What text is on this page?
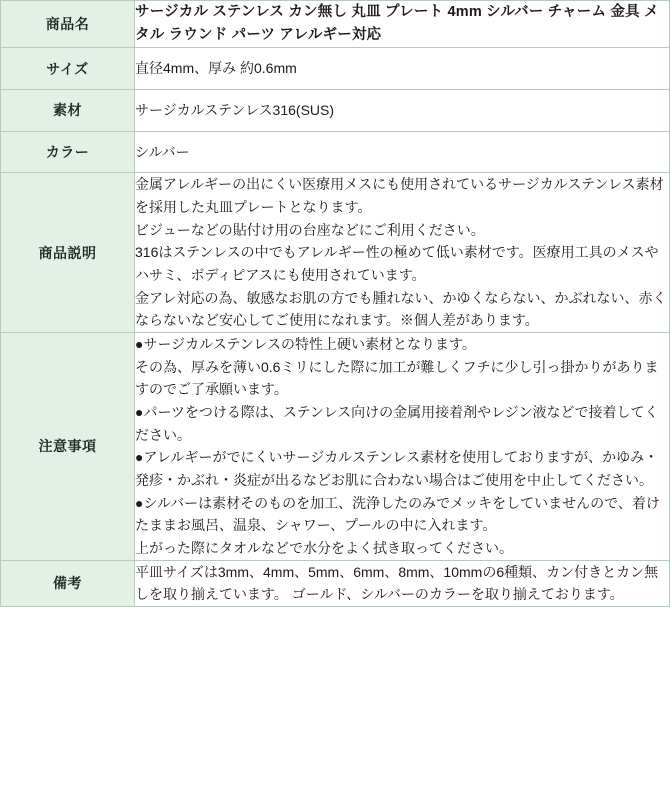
商品名	サージカル ステンレス カン無し 丸皿 プレート 4mm シルバー チャーム 金具 メタル ラウンド パーツ アレルギー対応

サイズ	直径4mm、厚み 約0.6mm

素材	サージカルステンレス316(SUS)

カラー	シルバー

商品説明	金属アレルギーの出にくい医療用メスにも使用されているサージカルステンレス素材を採用した丸皿プレートとなります。

ビジューなどの貼付け用の台座などにご利用ください。

316はステンレスの中でもアレルギー性の極めて低い素材です。医療用工具のメスやハサミ、ボディピアスにも使用されています。

金アレ対応の為、敏感なお肌の方でも腫れない、かゆくならない、かぶれない、赤くならないなど安心してご使用になれます。※個人差があります。

注意事項	

●サージカルステンレスの特性上硬い素材となります。

その為、厚みを薄い0.6ミリにした際に加工が難しくフチに少し引っ掛かりがありますのでご了承願います。

●パーツをつける際は、ステンレス向けの金属用接着剤やレジン液などで接着してください。

●アレルギーがでにくいサージカルステンレス素材を使用しておりますが、かゆみ・発疹・かぶれ・炎症が出るなどお肌に合わない場合はご使用を中止してください。

●シルバーは素材そのものを加工、洗浄したのみでメッキをしていませんので、着けたままお風呂、温泉、シャワー、プールの中に入れます。

上がった際にタオルなどで水分をよく拭き取ってください。

備考	平皿サイズは3mm、4mm、5mm、6mm、8mm、10mmの6種類、カン付きとカン無しを取り揃えています。 ゴールド、シルバーのカラーを取り揃えております。
